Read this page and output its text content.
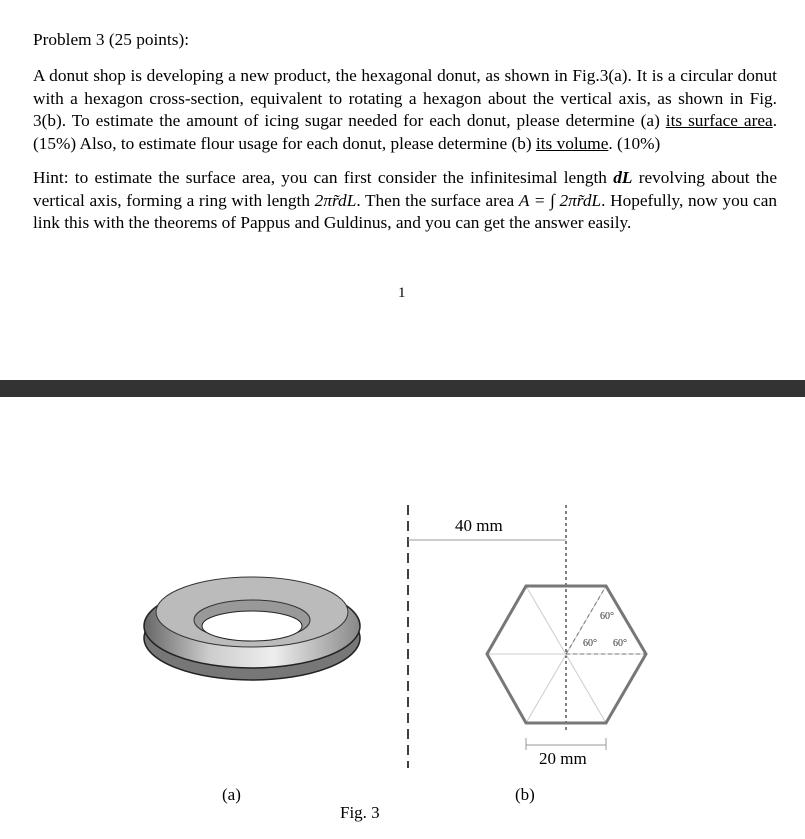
Problem 3 (25 points):
A donut shop is developing a new product, the hexagonal donut, as shown in Fig.3(a). It is a circular donut with a hexagon cross-section, equivalent to rotating a hexagon about the vertical axis, as shown in Fig. 3(b). To estimate the amount of icing sugar needed for each donut, please determine (a) its surface area. (15%) Also, to estimate flour usage for each donut, please determine (b) its volume. (10%)
Hint: to estimate the surface area, you can first consider the infinitesimal length dL revolving about the vertical axis, forming a ring with length 2πr̃dL. Then the surface area A = ∫ 2πr̃dL. Hopefully, now you can link this with the theorems of Pappus and Guldinus, and you can get the answer easily.
1
40 mm
60°
60° 60°
20 mm
(a)	(b)
Fig. 3
